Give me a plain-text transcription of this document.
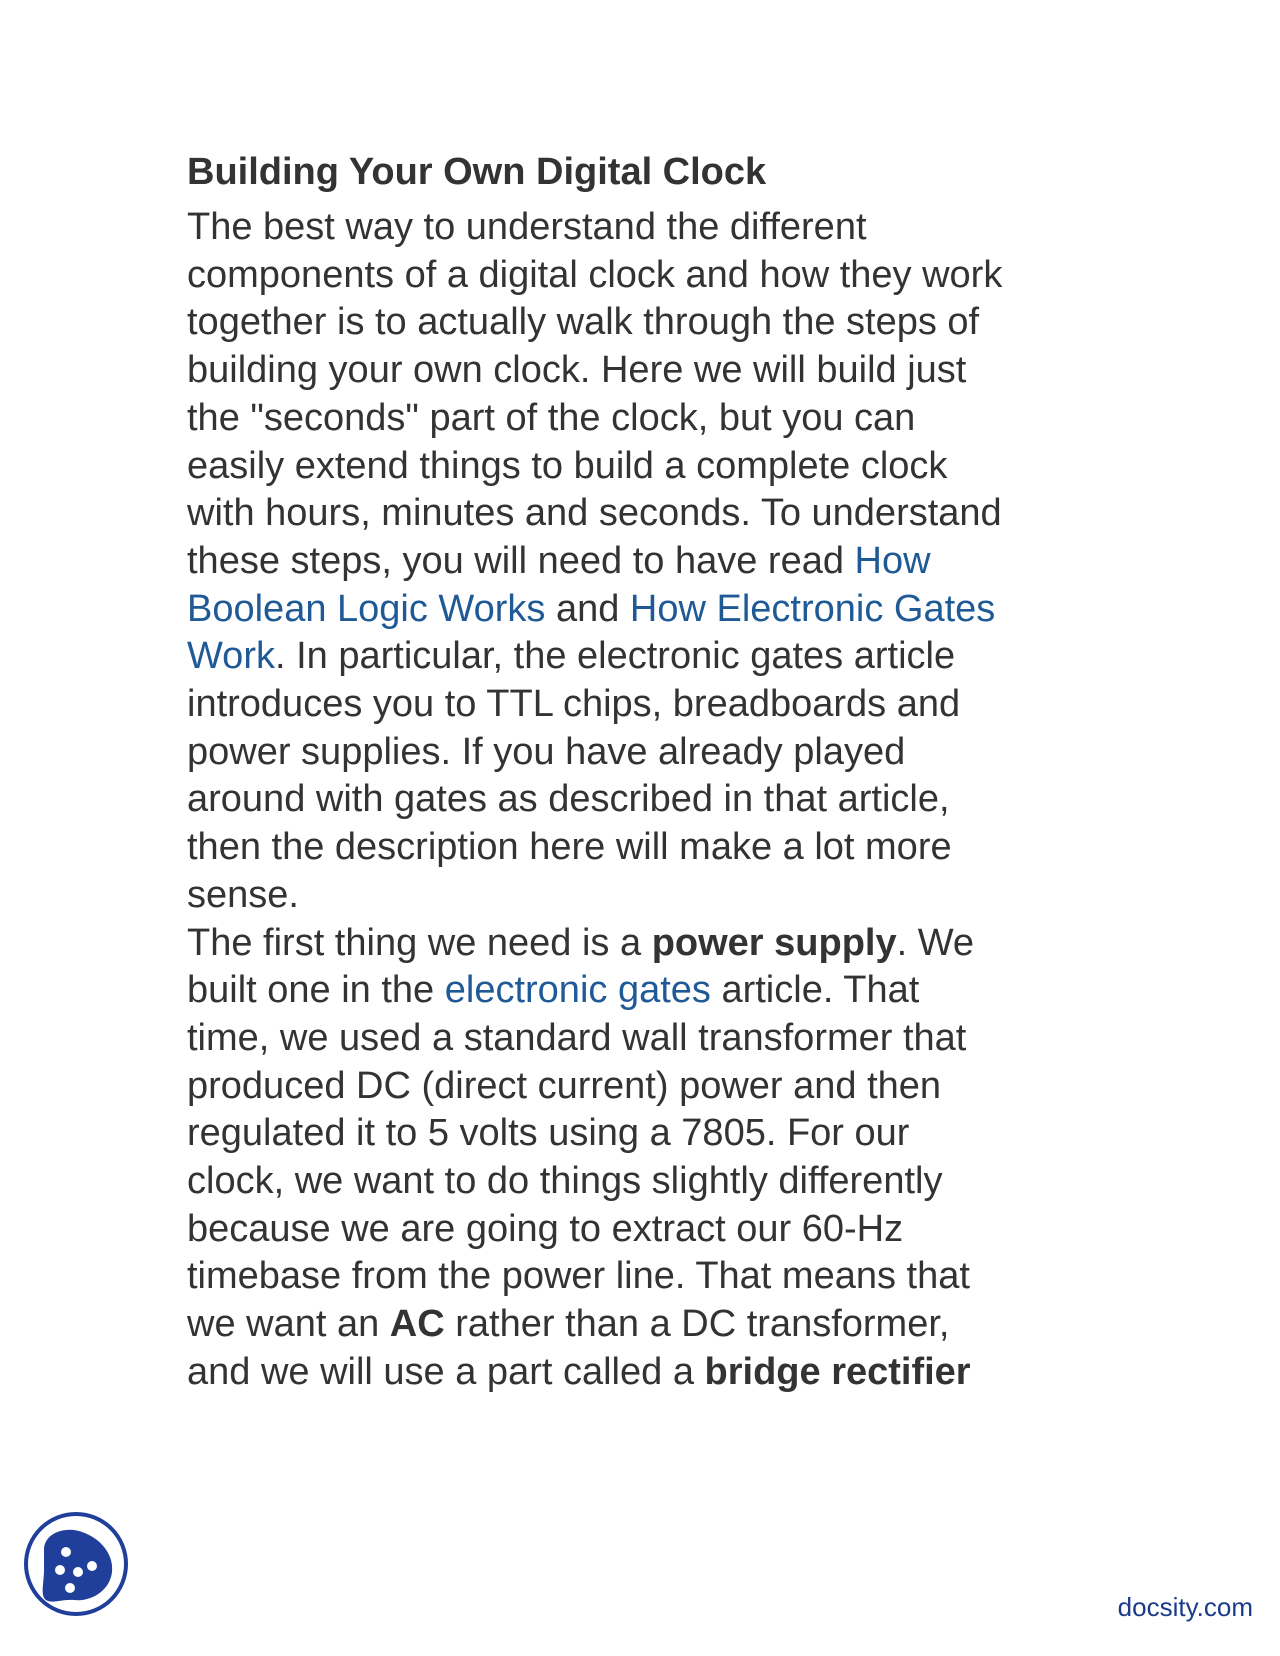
Building Your Own Digital Clock

The best way to understand the different
components of a digital clock and how they work
together is to actually walk through the steps of
building your own clock. Here we will build just
the "seconds" part of the clock, but you can
easily extend things to build a complete clock
with hours, minutes and seconds. To understand
these steps, you will need to have read How
Boolean Logic Works and How Electronic Gates
Work. In particular, the electronic gates article
introduces you to TTL chips, breadboards and
power supplies. If you have already played
around with gates as described in that article,
then the description here will make a lot more
sense.

The first thing we need is a power supply. We
built one in the electronic gates article. That
time, we used a standard wall transformer that
produced DC (direct current) power and then
regulated it to 5 volts using a 7805. For our
clock, we want to do things slightly differently
because we are going to extract our 60-Hz
timebase from the power line. That means that
we want an AC rather than a DC transformer,
and we will use a part called a bridge rectifier

docsity.com
